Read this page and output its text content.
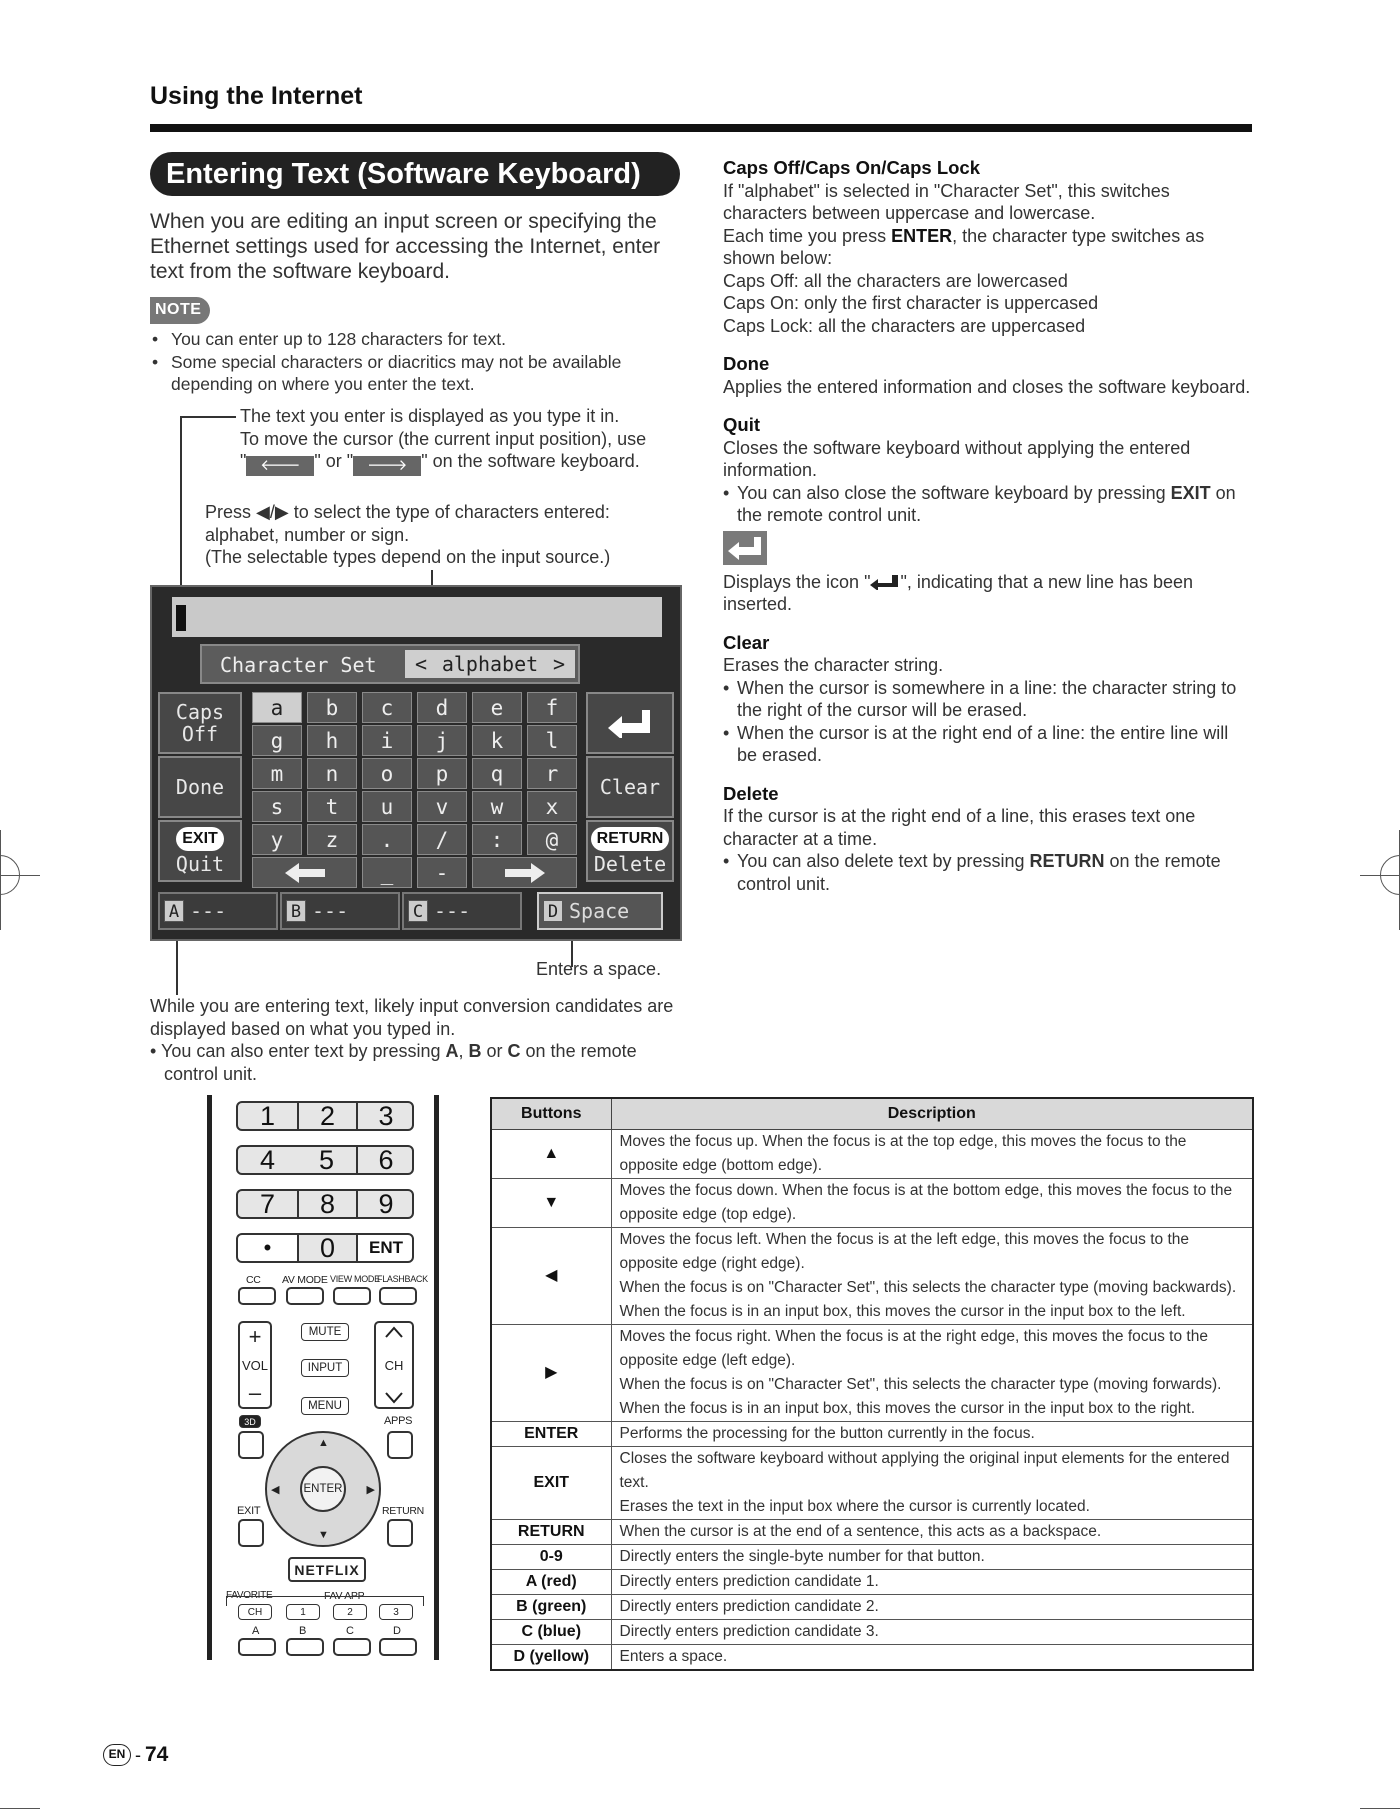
Using the Internet
Entering Text (Software Keyboard)

When you are editing an input screen or specifying the Ethernet settings used for accessing the Internet, enter text from the software keyboard.

NOTE
• You can enter up to 128 characters for text.
• Some special characters or diacritics may not be available depending on where you enter the text.
The text you enter is displayed as you type it in.
To move the cursor (the current input position), use
" 🡐 " or " 🡒 " on the software keyboard.
Press ◀/▶ to select the type of characters entered:
alphabet, number or sign.
(The selectable types depend on the input source.)
Character Set < alphabet >
Caps
Off
Done
EXIT
Quit
a	b	c	d	e	f
g	h	i	j	k	l
m	n	o	p	q	r
s	t	u	v	w	x
y	z	.	/	:	@
_	-
Clear
RETURN
Delete
A ---	B ---	C ---	D Space
Enters a space.
While you are entering text, likely input conversion candidates are displayed based on what you typed in.
• You can also enter text by pressing A, B or C on the remote control unit.
Caps Off/Caps On/Caps Lock
If "alphabet" is selected in "Character Set", this switches characters between uppercase and lowercase.
Each time you press ENTER, the character type switches as shown below:
Caps Off: all the characters are lowercased
Caps On: only the first character is uppercased
Caps Lock: all the characters are uppercased
Done
Applies the entered information and closes the software keyboard.
Quit
Closes the software keyboard without applying the entered information.
• You can also close the software keyboard by pressing EXIT on the remote control unit.
Displays the icon " ", indicating that a new line has been inserted.
Clear
Erases the character string.
• When the cursor is somewhere in a line: the character string to the right of the cursor will be erased.
• When the cursor is at the right end of a line: the entire line will be erased.
Delete
If the cursor is at the right end of a line, this erases text one character at a time.
• You can also delete text by pressing RETURN on the remote control unit.
1	2	3
4	5	6
7	8	9
•	0	ENT
CC AV MODE VIEW MODE
FLASHBACK
+
VOL
–
MUTE
INPUT
MENU
CH
3D	APPS
▲
▼
◀	▶
ENTER
EXIT	RETURN
NETFLIX
FAVORITE	FAV APP
CH	1	2	3
A	B	C	D
Buttons	Description
▲	Moves the focus up. When the focus is at the top edge, this moves the focus to the opposite edge (bottom edge).

▼	Moves the focus down. When the focus is at the bottom edge, this moves the focus to the opposite edge (top edge).

◀	Moves the focus left. When the focus is at the left edge, this moves the focus to the opposite edge (right edge).

When the focus is on "Character Set", this selects the character type (moving backwards).

When the focus is in an input box, this moves the cursor in the input box to the left.

▶	Moves the focus right. When the focus is at the right edge, this moves the focus to the opposite edge (left edge).

When the focus is on "Character Set", this selects the character type (moving forwards).

When the focus is in an input box, this moves the cursor in the input box to the right.

ENTER	Performs the processing for the button currently in the focus.

EXIT	Closes the software keyboard without applying the original input elements for the entered text.

Erases the text in the input box where the cursor is currently located.

RETURN	When the cursor is at the end of a sentence, this acts as a backspace.

0-9	Directly enters the single-byte number for that button.

A (red)	Directly enters prediction candidate 1.

B (green)	Directly enters prediction candidate 2.

C (blue)	Directly enters prediction candidate 3.

D (yellow)	Enters a space.

EN - 74
